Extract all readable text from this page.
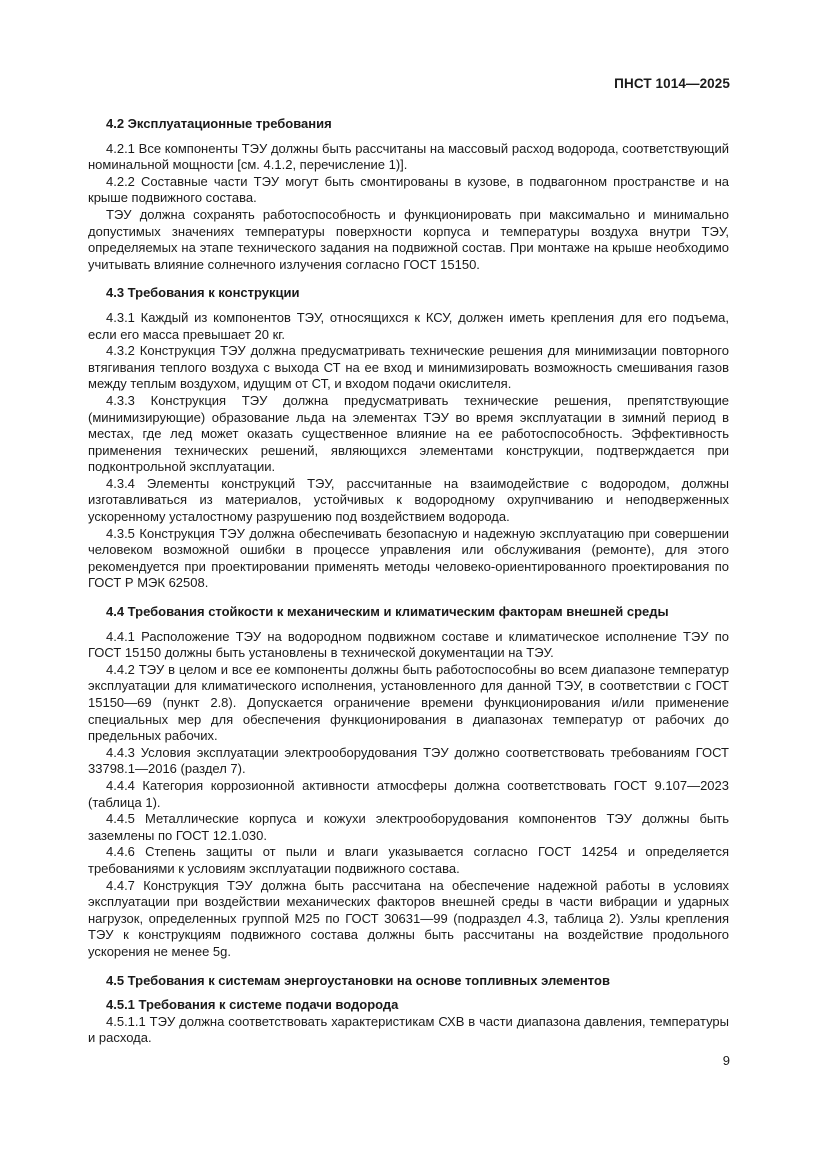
ПНСТ 1014—2025
4.2 Эксплуатационные требования

4.2.1 Все компоненты ТЭУ должны быть рассчитаны на массовый расход водорода, соответствующий номинальной мощности [см. 4.1.2, перечисление 1)].

4.2.2 Составные части ТЭУ могут быть смонтированы в кузове, в подвагонном пространстве и на крыше подвижного состава.

ТЭУ должна сохранять работоспособность и функционировать при максимально и минимально допустимых значениях температуры поверхности корпуса и температуры воздуха внутри ТЭУ, определяемых на этапе технического задания на подвижной состав. При монтаже на крыше необходимо учитывать влияние солнечного излучения согласно ГОСТ 15150.

4.3 Требования к конструкции

4.3.1 Каждый из компонентов ТЭУ, относящихся к КСУ, должен иметь крепления для его подъема, если его масса превышает 20 кг.

4.3.2 Конструкция ТЭУ должна предусматривать технические решения для минимизации повторного втягивания теплого воздуха с выхода СТ на ее вход и минимизировать возможность смешивания газов между теплым воздухом, идущим от СТ, и входом подачи окислителя.

4.3.3 Конструкция ТЭУ должна предусматривать технические решения, препятствующие (минимизирующие) образование льда на элементах ТЭУ во время эксплуатации в зимний период в местах, где лед может оказать существенное влияние на ее работоспособность. Эффективность применения технических решений, являющихся элементами конструкции, подтверждается при подконтрольной эксплуатации.

4.3.4 Элементы конструкций ТЭУ, рассчитанные на взаимодействие с водородом, должны изготавливаться из материалов, устойчивых к водородному охрупчиванию и неподверженных ускоренному усталостному разрушению под воздействием водорода.

4.3.5 Конструкция ТЭУ должна обеспечивать безопасную и надежную эксплуатацию при совершении человеком возможной ошибки в процессе управления или обслуживания (ремонте), для этого рекомендуется при проектировании применять методы человеко-ориентированного проектирования по ГОСТ Р МЭК 62508.

4.4 Требования стойкости к механическим и климатическим факторам внешней среды

4.4.1 Расположение ТЭУ на водородном подвижном составе и климатическое исполнение ТЭУ по ГОСТ 15150 должны быть установлены в технической документации на ТЭУ.

4.4.2 ТЭУ в целом и все ее компоненты должны быть работоспособны во всем диапазоне температур эксплуатации для климатического исполнения, установленного для данной ТЭУ, в соответствии с ГОСТ 15150—69 (пункт 2.8). Допускается ограничение времени функционирования и/или применение специальных мер для обеспечения функционирования в диапазонах температур от рабочих до предельных рабочих.

4.4.3 Условия эксплуатации электрооборудования ТЭУ должно соответствовать требованиям ГОСТ 33798.1—2016 (раздел 7).

4.4.4 Категория коррозионной активности атмосферы должна соответствовать ГОСТ 9.107—2023 (таблица 1).

4.4.5 Металлические корпуса и кожухи электрооборудования компонентов ТЭУ должны быть заземлены по ГОСТ 12.1.030.

4.4.6 Степень защиты от пыли и влаги указывается согласно ГОСТ 14254 и определяется требованиями к условиям эксплуатации подвижного состава.

4.4.7 Конструкция ТЭУ должна быть рассчитана на обеспечение надежной работы в условиях эксплуатации при воздействии механических факторов внешней среды в части вибрации и ударных нагрузок, определенных группой М25 по ГОСТ 30631—99 (подраздел 4.3, таблица 2). Узлы крепления ТЭУ к конструкциям подвижного состава должны быть рассчитаны на воздействие продольного ускорения не менее 5g.

4.5 Требования к системам энергоустановки на основе топливных элементов
4.5.1 Требования к системе подачи водорода

4.5.1.1 ТЭУ должна соответствовать характеристикам СХВ в части диапазона давления, температуры и расхода.

9
